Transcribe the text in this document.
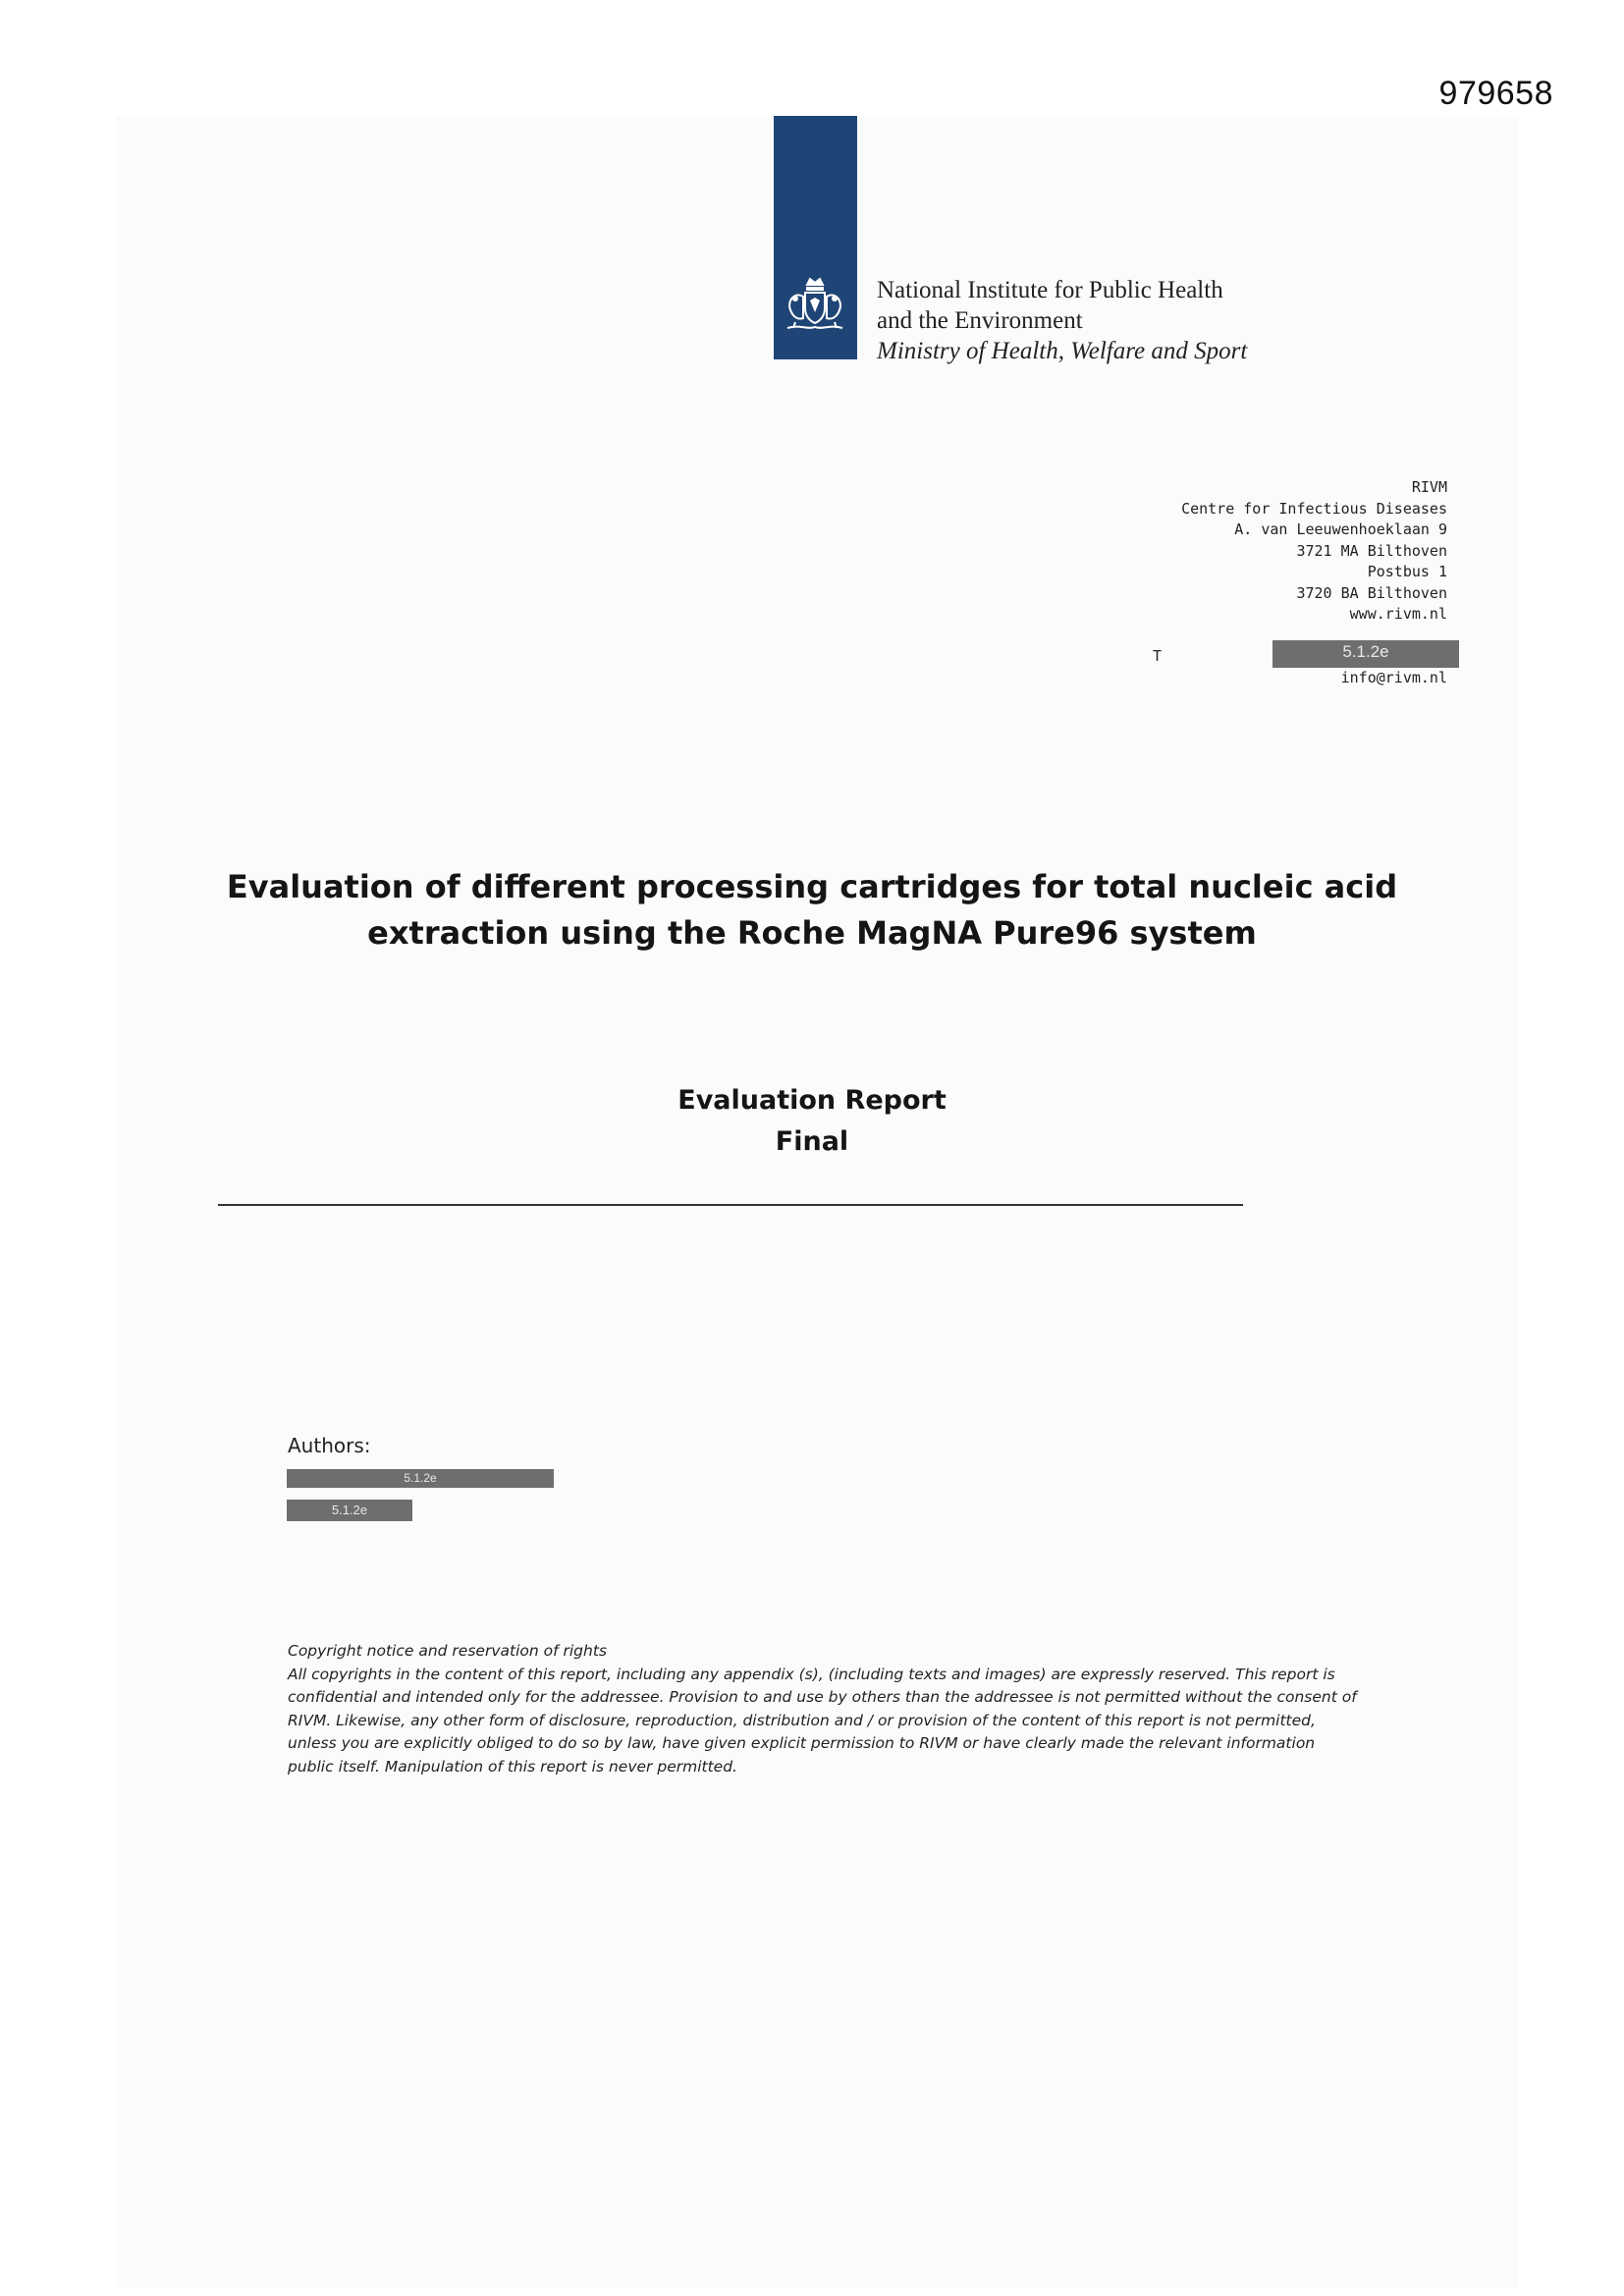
979658
National Institute for Public Health
and the Environment
Ministry of Health, Welfare and Sport
RIVM
Centre for Infectious Diseases
A. van Leeuwenhoeklaan 9
3721 MA Bilthoven
Postbus 1
3720 BA Bilthoven
www.rivm.nl
T	5.1.2e
info@rivm.nl
Evaluation of different processing cartridges for total nucleic acid
extraction using the Roche MagNA Pure96 system
Evaluation Report
Final
Authors:
5.1.2e
5.1.2e
Copyright notice and reservation of rights
All copyrights in the content of this report, including any appendix (s), (including texts and images) are expressly reserved. This report is
confidential and intended only for the addressee. Provision to and use by others than the addressee is not permitted without the consent of
RIVM. Likewise, any other form of disclosure, reproduction, distribution and / or provision of the content of this report is not permitted,
unless you are explicitly obliged to do so by law, have given explicit permission to RIVM or have clearly made the relevant information
public itself. Manipulation of this report is never permitted.
